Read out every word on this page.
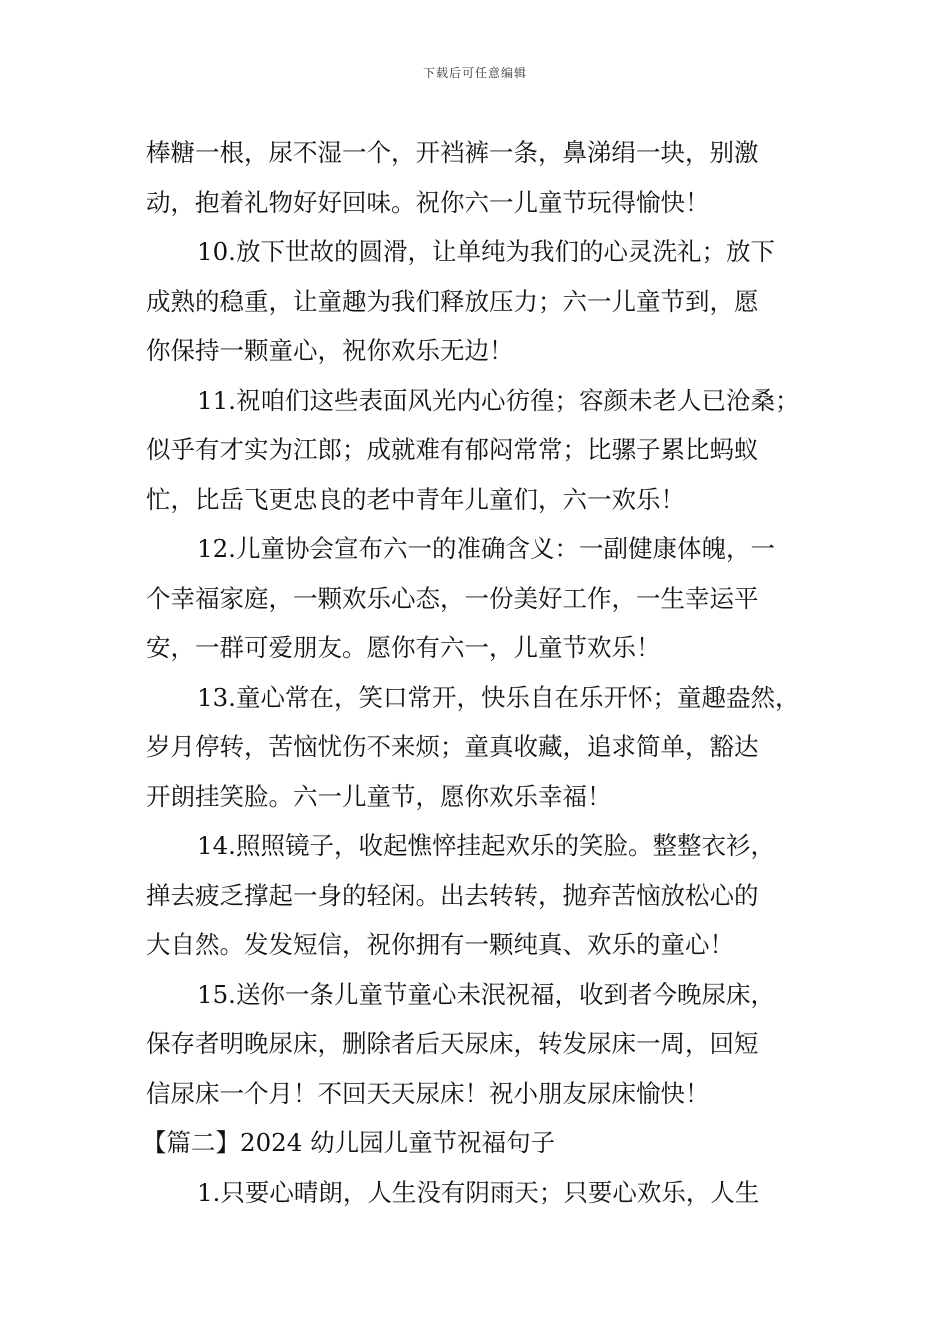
下载后可任意编辑

棒糖一根，尿不湿一个，开裆裤一条，鼻涕绢一块，别激
动，抱着礼物好好回味。祝你六一儿童节玩得愉快！

10.放下世故的圆滑，让单纯为我们的心灵洗礼；放下
成熟的稳重，让童趣为我们释放压力；六一儿童节到，愿
你保持一颗童心，祝你欢乐无边！

11.祝咱们这些表面风光内心彷徨；容颜未老人已沧桑；
似乎有才实为江郎；成就难有郁闷常常；比骡子累比蚂蚁
忙，比岳飞更忠良的老中青年儿童们，六一欢乐！

12.儿童协会宣布六一的准确含义：一副健康体魄，一
个幸福家庭，一颗欢乐心态，一份美好工作，一生幸运平
安，一群可爱朋友。愿你有六一，儿童节欢乐！

13.童心常在，笑口常开，快乐自在乐开怀；童趣盎然，
岁月停转，苦恼忧伤不来烦；童真收藏，追求简单，豁达
开朗挂笑脸。六一儿童节，愿你欢乐幸福！

14.照照镜子，收起憔悴挂起欢乐的笑脸。整整衣衫，
掸去疲乏撑起一身的轻闲。出去转转，抛弃苦恼放松心的
大自然。发发短信，祝你拥有一颗纯真、欢乐的童心！

15.送你一条儿童节童心未泯祝福，收到者今晚尿床，
保存者明晚尿床，删除者后天尿床，转发尿床一周，回短
信尿床一个月！不回天天尿床！祝小朋友尿床愉快！

【篇二】2024 幼儿园儿童节祝福句子

1.只要心晴朗，人生没有阴雨天；只要心欢乐，人生
